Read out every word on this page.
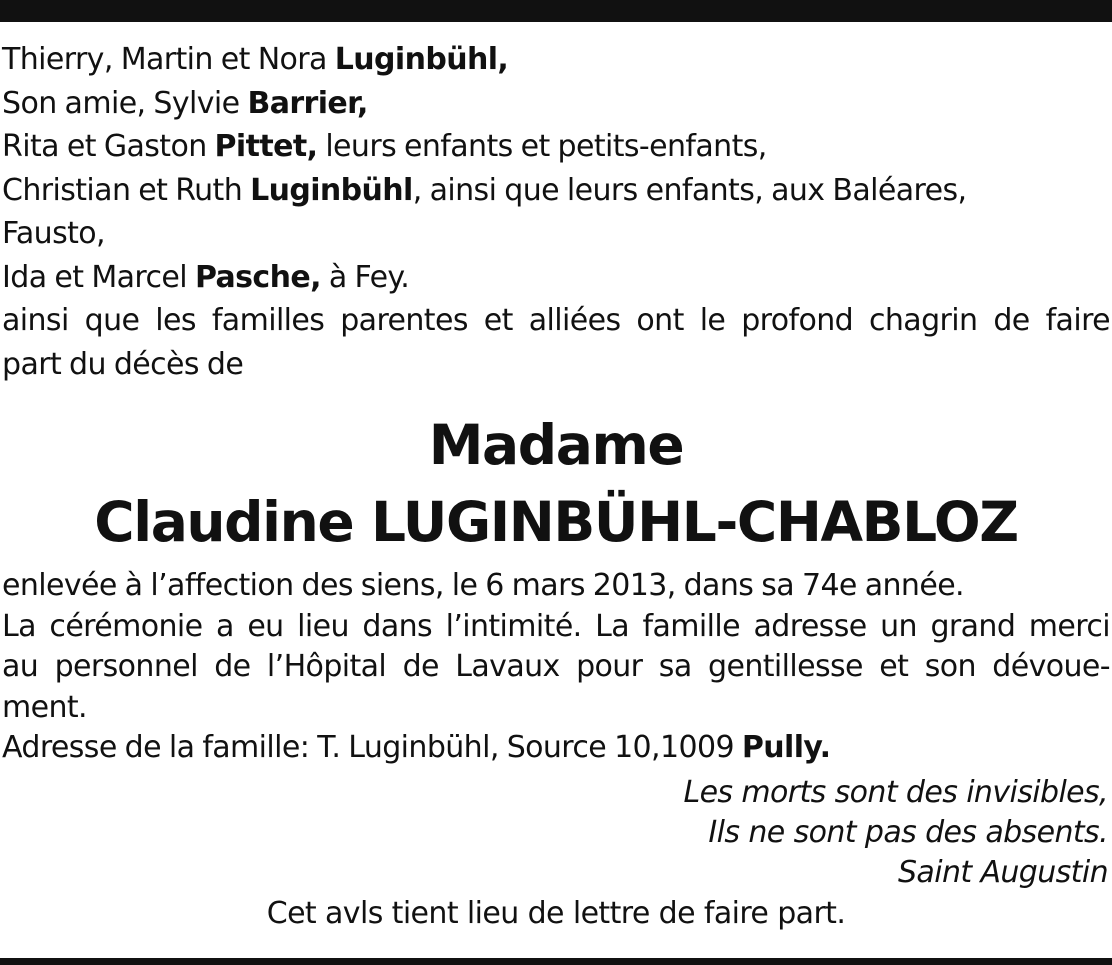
Thierry, Martin et Nora Luginbühl,
Son amie, Sylvie Barrier,
Rita et Gaston Pittet, leurs enfants et petits-enfants,
Christian et Ruth Luginbühl, ainsi que leurs enfants, aux Baléares,
Fausto,
Ida et Marcel Pasche, à Fey.
ainsi que les familles parentes et alliées ont le profond chagrin de faire
part du décès de
Madame
Claudine LUGINBÜHL-CHABLOZ
enlevée à l’affection des siens, le 6 mars 2013, dans sa 74e année.
La cérémonie a eu lieu dans l’intimité. La famille adresse un grand merci
au personnel de l’Hôpital de Lavaux pour sa gentillesse et son dévoue-
ment.
Adresse de la famille: T. Luginbühl, Source 10,1009 Pully.
Les morts sont des invisibles,
Ils ne sont pas des absents.
Saint Augustin
Cet avls tient lieu de lettre de faire part.
